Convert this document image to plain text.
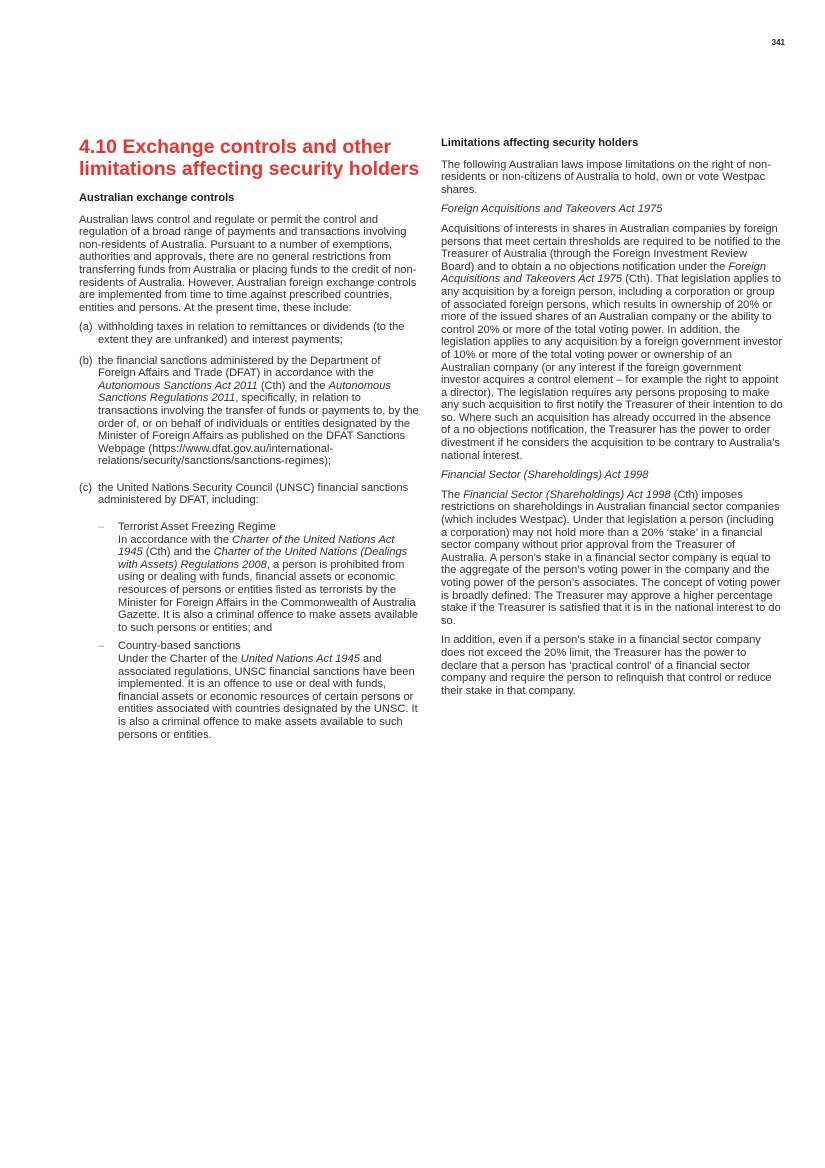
341
4.10 Exchange controls and other limitations affecting security holders
Australian exchange controls

Australian laws control and regulate or permit the control and regulation of a broad range of payments and transactions involving non-residents of Australia. Pursuant to a number of exemptions, authorities and approvals, there are no general restrictions from transferring funds from Australia or placing funds to the credit of non-residents of Australia. However, Australian foreign exchange controls are implemented from time to time against prescribed countries, entities and persons. At the present time, these include:

(a) withholding taxes in relation to remittances or dividends (to the extent they are unfranked) and interest payments;
(b) the financial sanctions administered by the Department of Foreign Affairs and Trade (DFAT) in accordance with the Autonomous Sanctions Act 2011 (Cth) and the Autonomous Sanctions Regulations 2011, specifically, in relation to transactions involving the transfer of funds or payments to, by the order of, or on behalf of individuals or entities designated by the Minister of Foreign Affairs as published on the DFAT Sanctions Webpage (https://www.dfat.gov.au/international-relations/security/sanctions/sanctions-regimes);
(c) the United Nations Security Council (UNSC) financial sanctions administered by DFAT, including:
–	Terrorist Asset Freezing Regime
In accordance with the Charter of the United Nations Act 1945 (Cth) and the Charter of the United Nations (Dealings with Assets) Regulations 2008, a person is prohibited from using or dealing with funds, financial assets or economic resources of persons or entities listed as terrorists by the Minister for Foreign Affairs in the Commonwealth of Australia Gazette. It is also a criminal offence to make assets available to such persons or entities; and
–	Country-based sanctions
Under the Charter of the United Nations Act 1945 and associated regulations, UNSC financial sanctions have been implemented. It is an offence to use or deal with funds, financial assets or economic resources of certain persons or entities associated with countries designated by the UNSC. It is also a criminal offence to make assets available to such persons or entities.
Limitations affecting security holders

The following Australian laws impose limitations on the right of non-residents or non-citizens of Australia to hold, own or vote Westpac shares.

Foreign Acquisitions and Takeovers Act 1975

Acquisitions of interests in shares in Australian companies by foreign persons that meet certain thresholds are required to be notified to the Treasurer of Australia (through the Foreign Investment Review Board) and to obtain a no objections notification under the Foreign Acquisitions and Takeovers Act 1975 (Cth). That legislation applies to any acquisition by a foreign person, including a corporation or group of associated foreign persons, which results in ownership of 20% or more of the issued shares of an Australian company or the ability to control 20% or more of the total voting power. In addition, the legislation applies to any acquisition by a foreign government investor of 10% or more of the total voting power or ownership of an Australian company (or any interest if the foreign government investor acquires a control element – for example the right to appoint a director). The legislation requires any persons proposing to make any such acquisition to first notify the Treasurer of their intention to do so. Where such an acquisition has already occurred in the absence of a no objections notification, the Treasurer has the power to order divestment if he considers the acquisition to be contrary to Australia’s national interest.

Financial Sector (Shareholdings) Act 1998

The Financial Sector (Shareholdings) Act 1998 (Cth) imposes restrictions on shareholdings in Australian financial sector companies (which includes Westpac). Under that legislation a person (including a corporation) may not hold more than a 20% ‘stake’ in a financial sector company without prior approval from the Treasurer of Australia. A person’s stake in a financial sector company is equal to the aggregate of the person’s voting power in the company and the voting power of the person’s associates. The concept of voting power is broadly defined. The Treasurer may approve a higher percentage stake if the Treasurer is satisfied that it is in the national interest to do so.

In addition, even if a person’s stake in a financial sector company does not exceed the 20% limit, the Treasurer has the power to declare that a person has ‘practical control’ of a financial sector company and require the person to relinquish that control or reduce their stake in that company.
